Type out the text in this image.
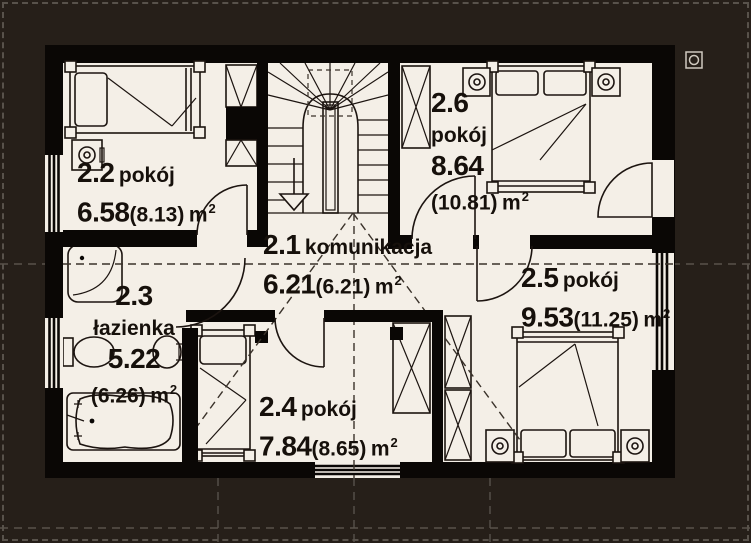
2.2 pokój
6.58(8.13) $m^2$
2.1 komunikacja
6.21(6.21) $m^2$
2.3
łazienka
5.22
(6.26) $m^2$
2.4 pokój
7.84(8.65) $m^2$
2.5 pokój
9.53(11.25) $m^2$
2.6
pokój
8.64
(10.81) $m^2$
